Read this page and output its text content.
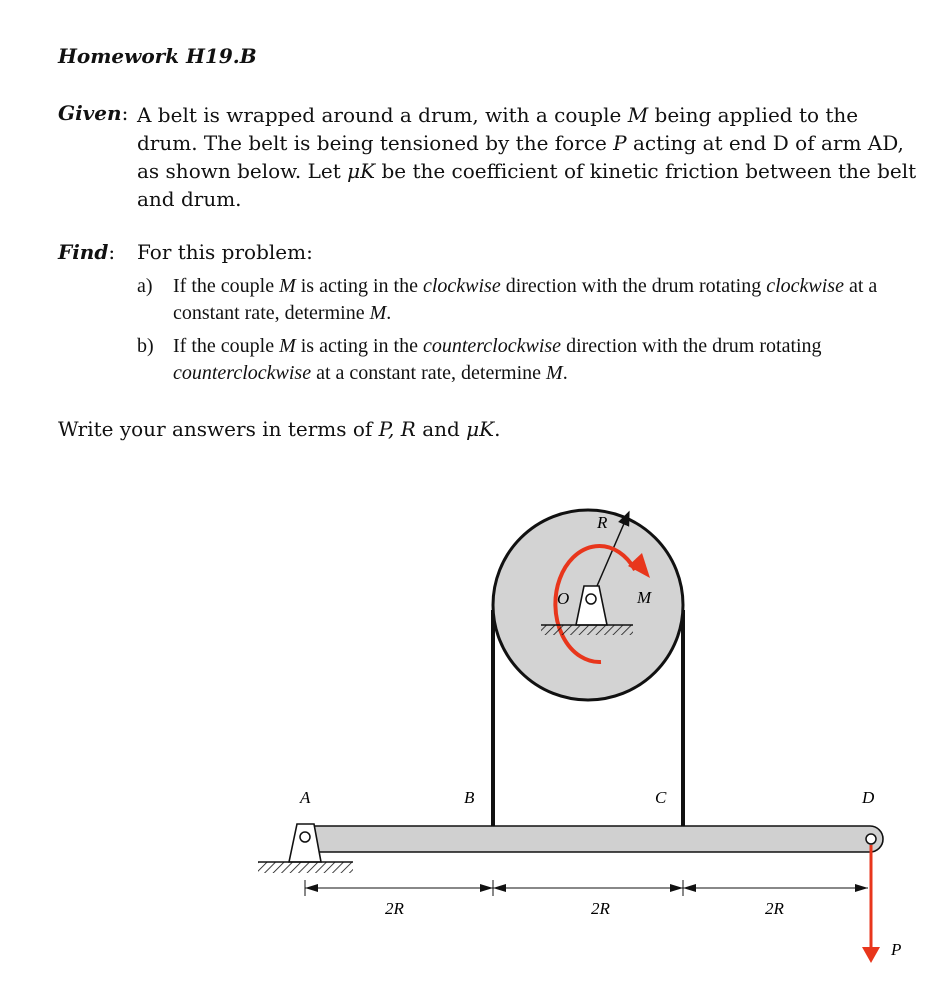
Homework H19.B
Given: A belt is wrapped around a drum, with a couple M being applied to the drum. The belt is being tensioned by the force P acting at end D of arm AD, as shown below. Let μK be the coefficient of kinetic friction between the belt and drum.
Find: For this problem:
a) If the couple M is acting in the clockwise direction with the drum rotating clockwise at a constant rate, determine M.
b) If the couple M is acting in the counterclockwise direction with the drum rotating counterclockwise at a constant rate, determine M.
Write your answers in terms of P, R and μK.
R
M
O
A	B	C	D
2R	2R	2R
P
